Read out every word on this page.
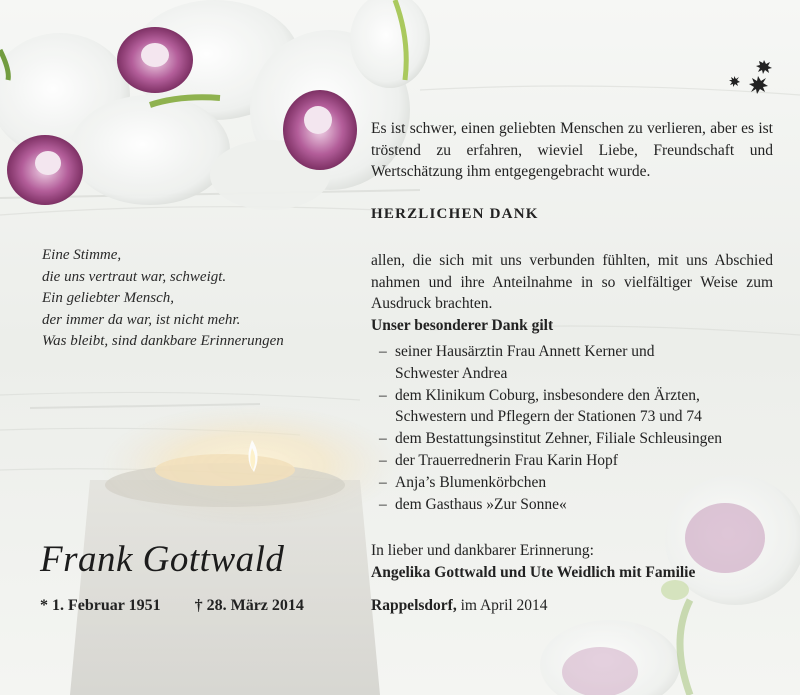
Eine Stimme,
die uns vertraut war, schweigt.
Ein geliebter Mensch,
der immer da war, ist nicht mehr.
Was bleibt, sind dankbare Erinnerungen
Frank Gottwald
* 1. Februar 1951 † 28. März 2014
Es ist schwer, einen geliebten Menschen zu verlieren, aber es ist tröstend zu erfahren, wieviel Liebe, Freundschaft und Wertschätzung ihm entgegengebracht wurde.
HERZLICHEN DANK
allen, die sich mit uns verbunden fühlten, mit uns Abschied nahmen und ihre Anteilnahme in so vielfältiger Weise zum Ausdruck brachten.
Unser besonderer Dank gilt
– seiner Hausärztin Frau Annett Kerner und
Schwester Andrea
– dem Klinikum Coburg, insbesondere den Ärzten,
Schwestern und Pflegern der Stationen 73 und 74
– dem Bestattungsinstitut Zehner, Filiale Schleusingen
– der Trauerrednerin Frau Karin Hopf
– Anja’s Blumenkörbchen
– dem Gasthaus »Zur Sonne«
In lieber und dankbarer Erinnerung:
Angelika Gottwald und Ute Weidlich mit Familie
Rappelsdorf, im April 2014
